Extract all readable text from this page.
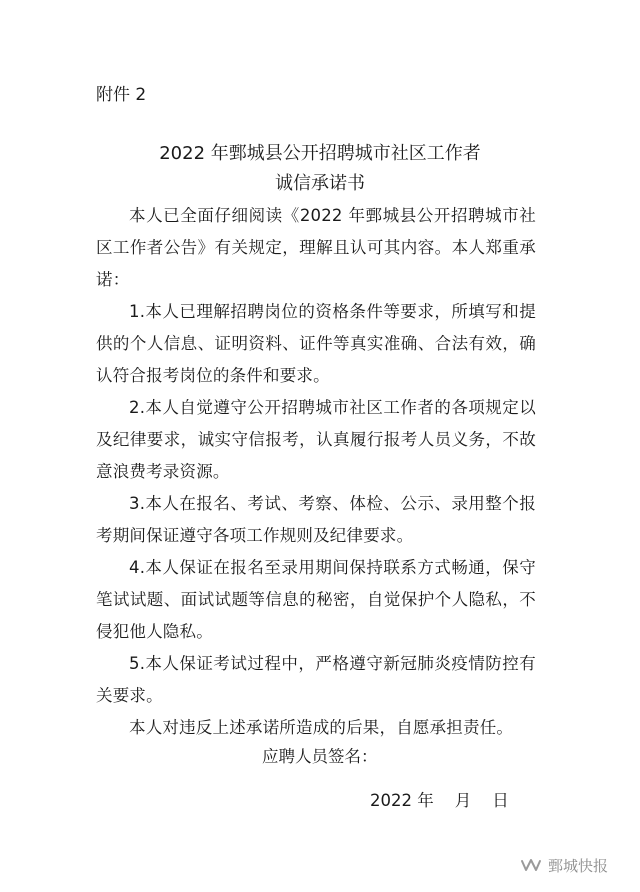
附件 2
2022 年鄄城县公开招聘城市社区工作者
诚信承诺书

本人已全面仔细阅读《2022 年鄄城县公开招聘城市社区工作者公告》有关规定，理解且认可其内容。本人郑重承诺：

1.本人已理解招聘岗位的资格条件等要求，所填写和提供的个人信息、证明资料、证件等真实准确、合法有效，确认符合报考岗位的条件和要求。

2.本人自觉遵守公开招聘城市社区工作者的各项规定以及纪律要求，诚实守信报考，认真履行报考人员义务，不故意浪费考录资源。

3.本人在报名、考试、考察、体检、公示、录用整个报考期间保证遵守各项工作规则及纪律要求。

4.本人保证在报名至录用期间保持联系方式畅通，保守笔试试题、面试试题等信息的秘密，自觉保护个人隐私，不侵犯他人隐私。

5.本人保证考试过程中，严格遵守新冠肺炎疫情防控有关要求。

本人对违反上述承诺所造成的后果，自愿承担责任。

应聘人员签名：
2022 年    月    日
鄄城快报
